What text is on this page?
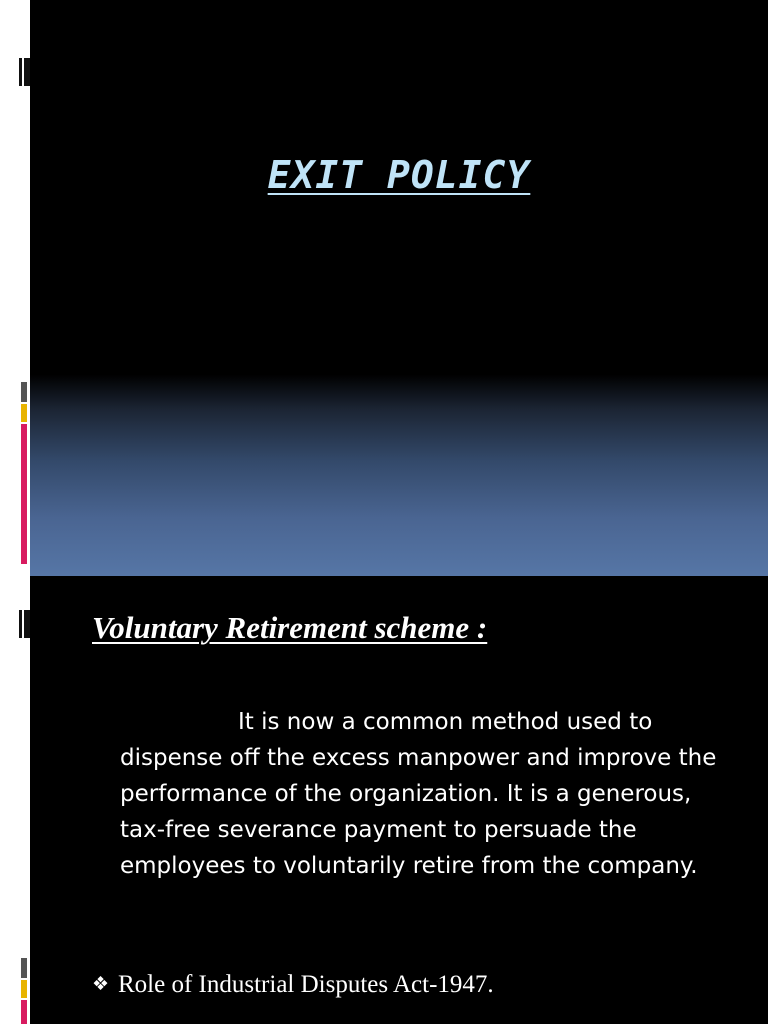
EXIT POLICY
Voluntary Retirement scheme :

It is now a common method used to dispense off the excess manpower and improve the performance of the organization. It is a generous, tax-free severance payment to persuade the employees to voluntarily retire from the company.

❖ Role of Industrial Disputes Act-1947.
